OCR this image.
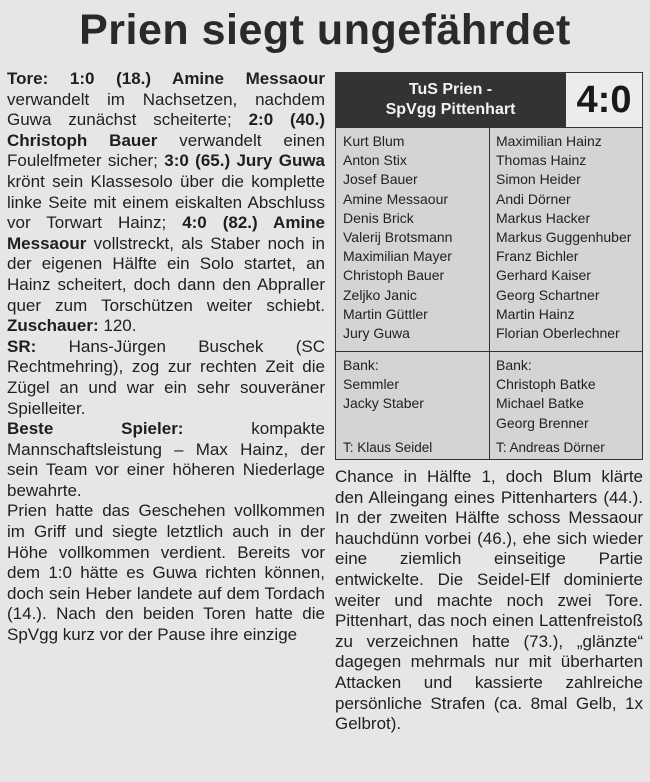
Prien siegt ungefährdet

Tore: 1:0 (18.) Amine Messaour verwandelt im Nachsetzen, nachdem Guwa zunächst scheiterte; 2:0 (40.) Christoph Bauer verwandelt einen Foulelfmeter sicher; 3:0 (65.) Jury Guwa krönt sein Klassesolo über die komplette linke Seite mit einem eiskalten Abschluss vor Torwart Hainz; 4:0 (82.) Amine Messaour vollstreckt, als Staber noch in der eigenen Hälfte ein Solo startet, an Hainz scheitert, doch dann den Abpraller quer zum Torschützen weiter schiebt. Zuschauer: 120.

SR: Hans-Jürgen Buschek (SC Rechtmehring), zog zur rechten Zeit die Zügel an und war ein sehr souveräner Spielleiter.

Beste Spieler: kompakte Mannschaftsleistung – Max Hainz, der sein Team vor einer höheren Niederlage bewahrte.

Prien hatte das Geschehen vollkommen im Griff und siegte letztlich auch in der Höhe vollkommen verdient. Bereits vor dem 1:0 hätte es Guwa richten können, doch sein Heber landete auf dem Tordach (14.). Nach den beiden Toren hatte die SpVgg kurz vor der Pause ihre einzige

TuS Prien -
SpVgg Pittenhart	4:0
Kurt Blum
Anton Stix
Josef Bauer
Amine Messaour
Denis Brick
Valerij Brotsmann
Maximilian Mayer
Christoph Bauer
Zeljko Janic
Martin Güttler
Jury Guwa
Maximilian Hainz
Thomas Hainz
Simon Heider
Andi Dörner
Markus Hacker
Markus Guggenhuber
Franz Bichler
Gerhard Kaiser
Georg Schartner
Martin Hainz
Florian Oberlechner
Bank:
Semmler
Jacky Staber
T: Klaus Seidel
Bank:
Christoph Batke
Michael Batke
Georg Brenner
T: Andreas Dörner

Chance in Hälfte 1, doch Blum klärte den Alleingang eines Pittenharters (44.). In der zweiten Hälfte schoss Messaour hauchdünn vorbei (46.), ehe sich wieder eine ziemlich einseitige Partie entwickelte. Die Seidel-Elf dominierte weiter und machte noch zwei Tore. Pittenhart, das noch einen Lattenfreistoß zu verzeichnen hatte (73.), „glänzte“ dagegen mehrmals nur mit überharten Attacken und kassierte zahlreiche persönliche Strafen (ca. 8mal Gelb, 1x Gelbrot).
